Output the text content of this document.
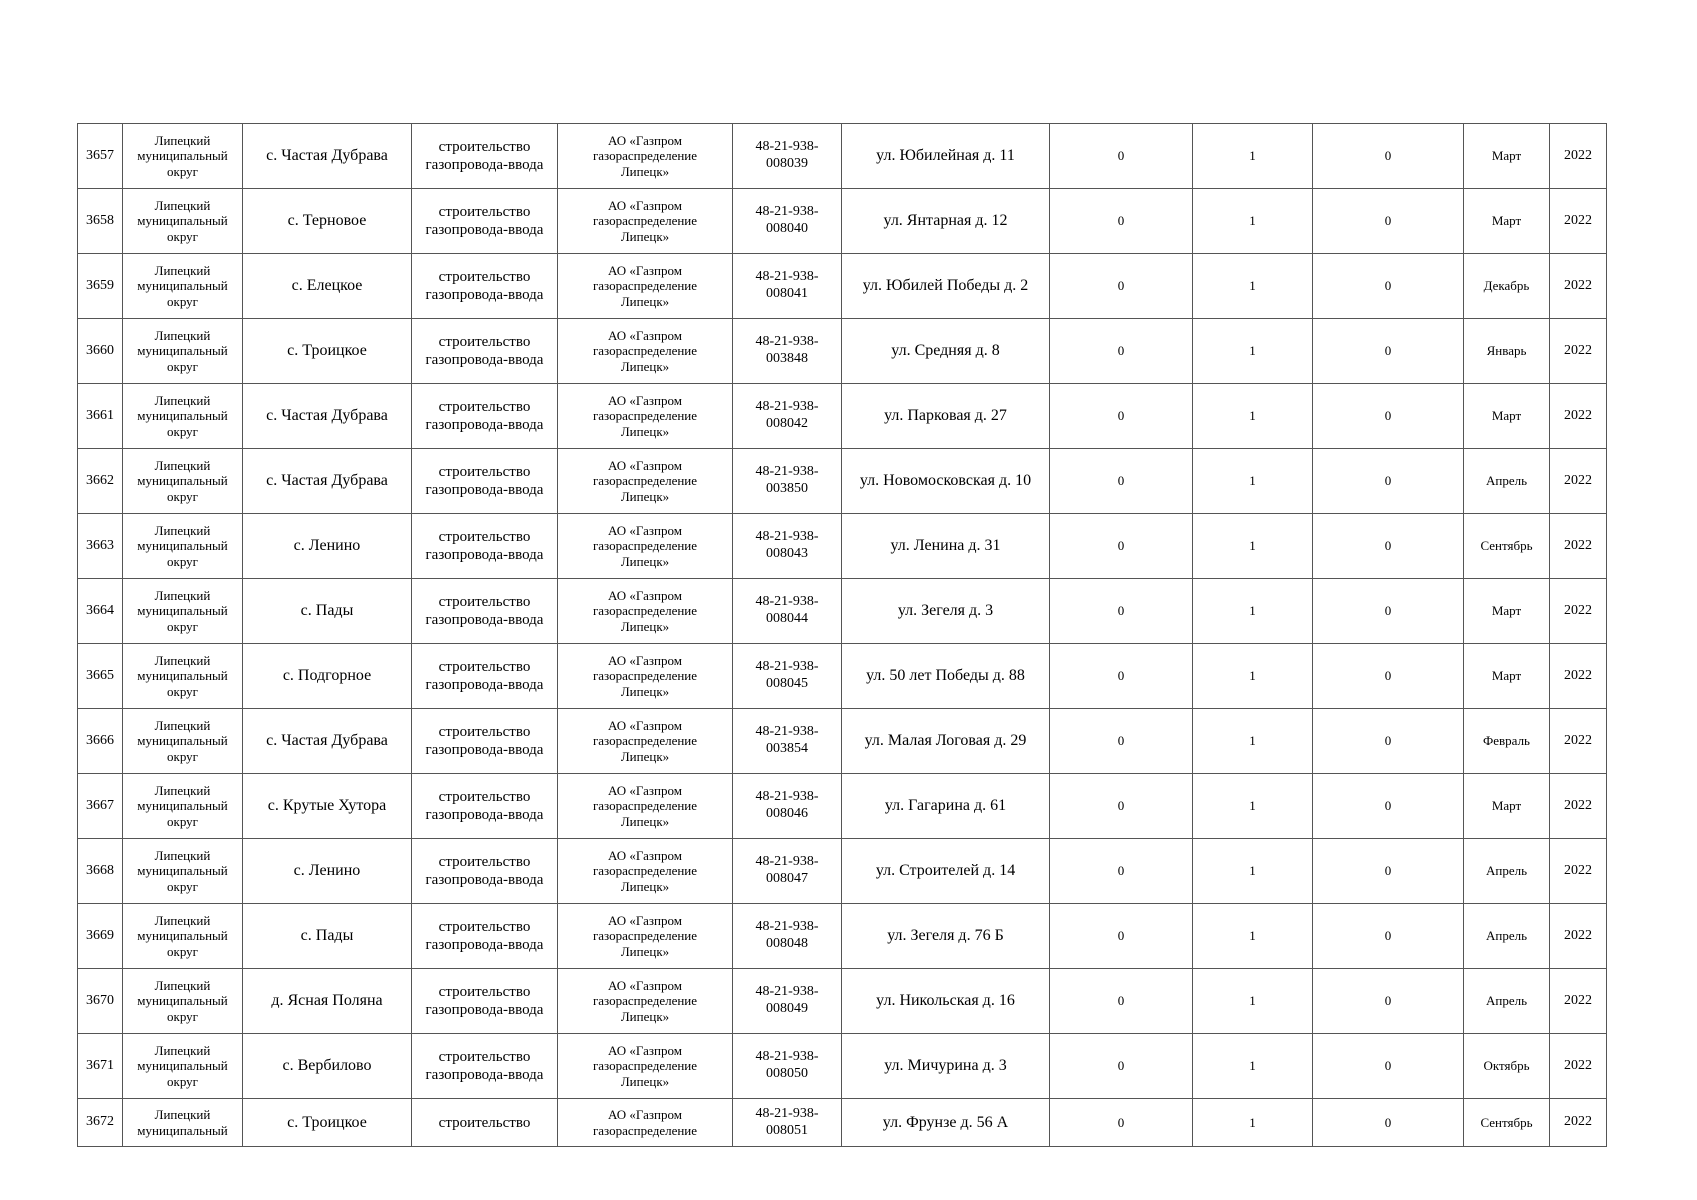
3657	Липецкий
муниципальный
округ	с. Частая Дубрава	строительство
газопровода-ввода	АО «Газпром
газораспределение
Липецк»	48-21-938-
008039	ул. Юбилейная д. 11	0	1	0	Март	2022
3658	Липецкий
муниципальный
округ	с. Терновое	строительство
газопровода-ввода	АО «Газпром
газораспределение
Липецк»	48-21-938-
008040	ул. Янтарная д. 12	0	1	0	Март	2022
3659	Липецкий
муниципальный
округ	с. Елецкое	строительство
газопровода-ввода	АО «Газпром
газораспределение
Липецк»	48-21-938-
008041	ул. Юбилей Победы д. 2	0	1	0	Декабрь	2022
3660	Липецкий
муниципальный
округ	с. Троицкое	строительство
газопровода-ввода	АО «Газпром
газораспределение
Липецк»	48-21-938-
003848	ул. Средняя д. 8	0	1	0	Январь	2022
3661	Липецкий
муниципальный
округ	с. Частая Дубрава	строительство
газопровода-ввода	АО «Газпром
газораспределение
Липецк»	48-21-938-
008042	ул. Парковая д. 27	0	1	0	Март	2022
3662	Липецкий
муниципальный
округ	с. Частая Дубрава	строительство
газопровода-ввода	АО «Газпром
газораспределение
Липецк»	48-21-938-
003850	ул. Новомосковская д. 10	0	1	0	Апрель	2022
3663	Липецкий
муниципальный
округ	с. Ленино	строительство
газопровода-ввода	АО «Газпром
газораспределение
Липецк»	48-21-938-
008043	ул. Ленина д. 31	0	1	0	Сентябрь	2022
3664	Липецкий
муниципальный
округ	с. Пады	строительство
газопровода-ввода	АО «Газпром
газораспределение
Липецк»	48-21-938-
008044	ул. Зегеля д. 3	0	1	0	Март	2022
3665	Липецкий
муниципальный
округ	с. Подгорное	строительство
газопровода-ввода	АО «Газпром
газораспределение
Липецк»	48-21-938-
008045	ул. 50 лет Победы д. 88	0	1	0	Март	2022
3666	Липецкий
муниципальный
округ	с. Частая Дубрава	строительство
газопровода-ввода	АО «Газпром
газораспределение
Липецк»	48-21-938-
003854	ул. Малая Логовая д. 29	0	1	0	Февраль	2022
3667	Липецкий
муниципальный
округ	с. Крутые Хутора	строительство
газопровода-ввода	АО «Газпром
газораспределение
Липецк»	48-21-938-
008046	ул. Гагарина д. 61	0	1	0	Март	2022
3668	Липецкий
муниципальный
округ	с. Ленино	строительство
газопровода-ввода	АО «Газпром
газораспределение
Липецк»	48-21-938-
008047	ул. Строителей д. 14	0	1	0	Апрель	2022
3669	Липецкий
муниципальный
округ	с. Пады	строительство
газопровода-ввода	АО «Газпром
газораспределение
Липецк»	48-21-938-
008048	ул. Зегеля д. 76 Б	0	1	0	Апрель	2022
3670	Липецкий
муниципальный
округ	д. Ясная Поляна	строительство
газопровода-ввода	АО «Газпром
газораспределение
Липецк»	48-21-938-
008049	ул. Никольская д. 16	0	1	0	Апрель	2022
3671	Липецкий
муниципальный
округ	с. Вербилово	строительство
газопровода-ввода	АО «Газпром
газораспределение
Липецк»	48-21-938-
008050	ул. Мичурина д. 3	0	1	0	Октябрь	2022
3672	Липецкий
муниципальный	с. Троицкое	строительство	АО «Газпром
газораспределение	48-21-938-
008051	ул. Фрунзе д. 56 А	0	1	0	Сентябрь	2022
